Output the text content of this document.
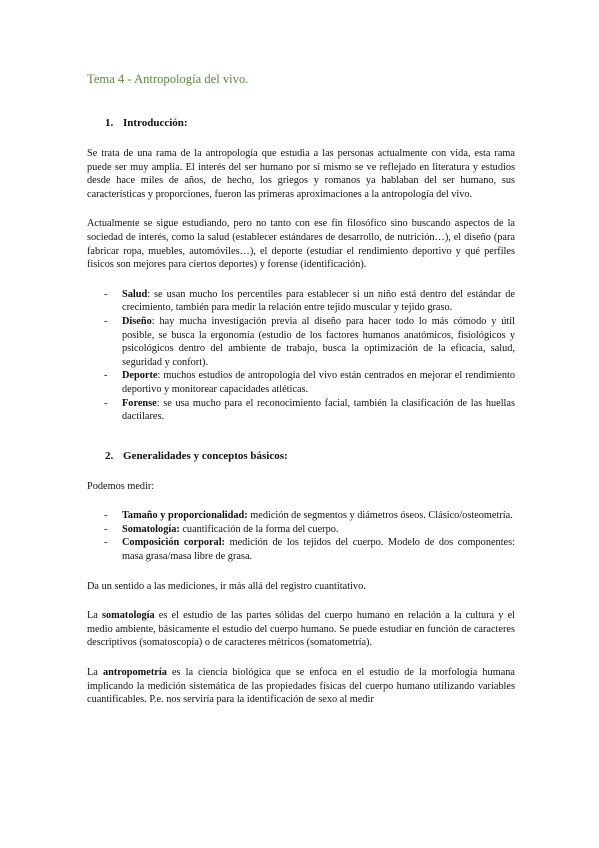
Tema 4 - Antropología del vivo.
1. Introducción:

Se trata de una rama de la antropología que estudia a las personas actualmente con vida, esta rama puede ser muy amplia. El interés del ser humano por sí mismo se ve reflejado en literatura y estudios desde hace miles de años, de hecho, los griegos y romanos ya hablaban del ser humano, sus características y proporciones, fueron las primeras aproximaciones a la antropología del vivo.

Actualmente se sigue estudiando, pero no tanto con ese fin filosófico sino buscando aspectos de la sociedad de interés, como la salud (establecer estándares de desarrollo, de nutrición…), el diseño (para fabricar ropa, muebles, automóviles…), el deporte (estudiar el rendimiento deportivo y qué perfiles físicos son mejores para ciertos deportes) y forense (identificación).

- Salud: se usan mucho los percentiles para establecer si un niño está dentro del estándar de crecimiento, también para medir la relación entre tejido muscular y tejido graso.
- Diseño: hay mucha investigación previa al diseño para hacer todo lo más cómodo y útil posible, se busca la ergonomía (estudio de los factores humanos anatómicos, fisiológicos y psicológicos dentro del ambiente de trabajo, busca la optimización de la eficacia, salud, seguridad y confort).
- Deporte: muchos estudios de antropología del vivo están centrados en mejorar el rendimiento deportivo y monitorear capacidades atléticas.
- Forense: se usa mucho para el reconocimiento facial, también la clasificación de las huellas dactilares.
2. Generalidades y conceptos básicos:

Podemos medir:

- Tamaño y proporcionalidad: medición de segmentos y diámetros óseos. Clásico/osteometría.
- Somatología: cuantificación de la forma del cuerpo.
- Composición corporal: medición de los tejidos del cuerpo. Modelo de dos componentes: masa grasa/masa libre de grasa.

Da un sentido a las mediciones, ir más allá del registro cuantitativo.

La somatología es el estudio de las partes sólidas del cuerpo humano en relación a la cultura y el medio ambiente, básicamente el estudio del cuerpo humano. Se puede estudiar en función de caracteres descriptivos (somatoscopía) o de caracteres métricos (somatometría).

La antropometría es la ciencia biológica que se enfoca en el estudio de la morfología humana implicando la medición sistemática de las propiedades físicas del cuerpo humano utilizando variables cuantificables. P.e. nos serviría para la identificación de sexo al medir
